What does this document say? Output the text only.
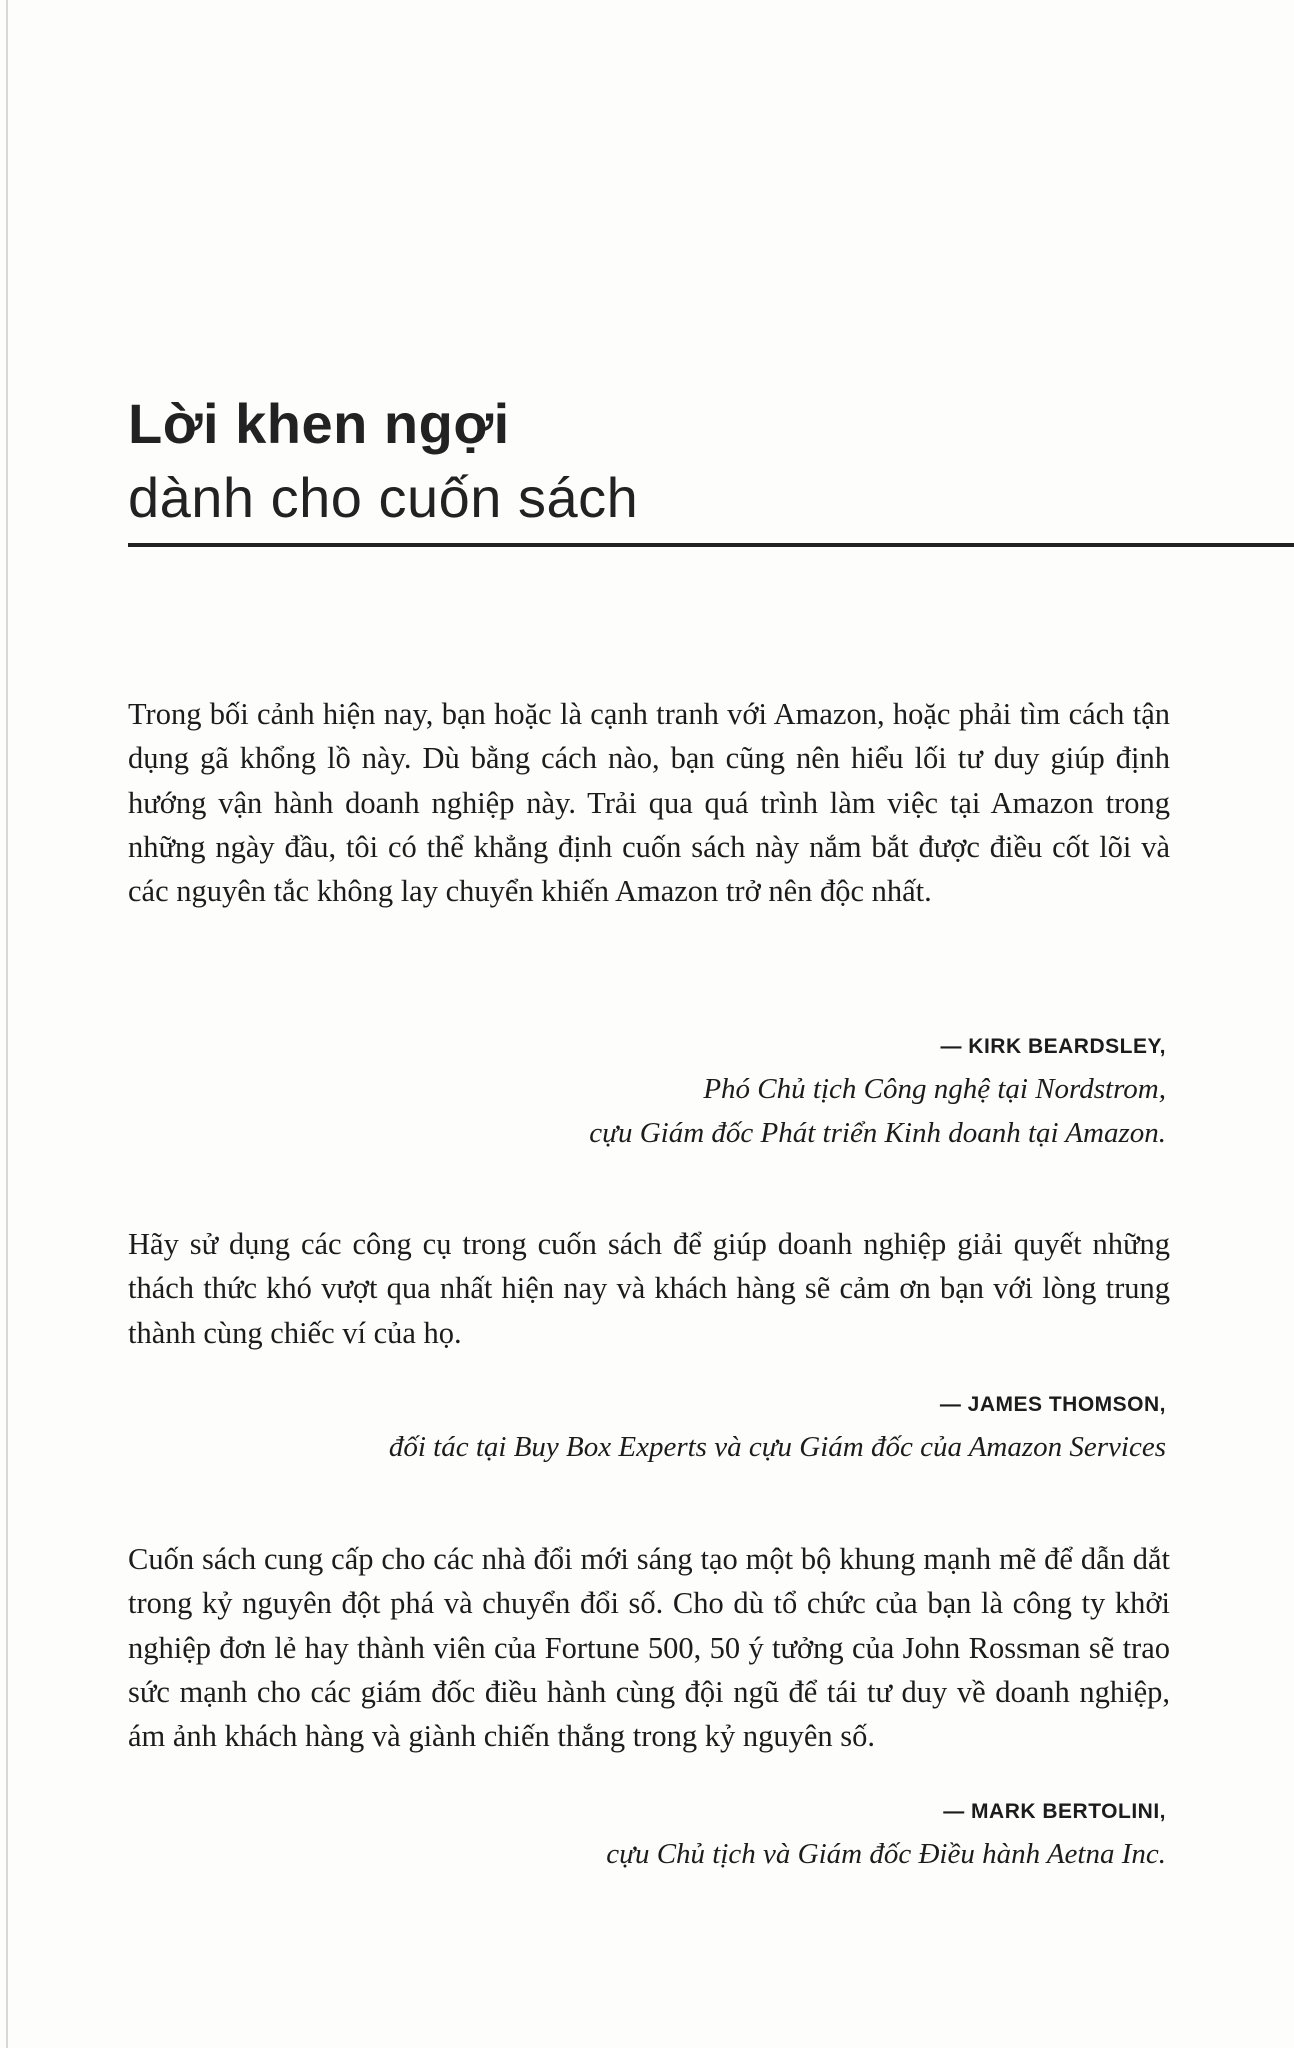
Lời khen ngợi
dành cho cuốn sách

Trong bối cảnh hiện nay, bạn hoặc là cạnh tranh với Amazon, hoặc phải tìm cách tận dụng gã khổng lồ này. Dù bằng cách nào, bạn cũng nên hiểu lối tư duy giúp định hướng vận hành doanh nghiệp này. Trải qua quá trình làm việc tại Amazon trong những ngày đầu, tôi có thể khẳng định cuốn sách này nắm bắt được điều cốt lõi và các nguyên tắc không lay chuyển khiến Amazon trở nên độc nhất.

— KIRK BEARDSLEY,
Phó Chủ tịch Công nghệ tại Nordstrom,
cựu Giám đốc Phát triển Kinh doanh tại Amazon.

Hãy sử dụng các công cụ trong cuốn sách để giúp doanh nghiệp giải quyết những thách thức khó vượt qua nhất hiện nay và khách hàng sẽ cảm ơn bạn với lòng trung thành cùng chiếc ví của họ.

— JAMES THOMSON,
đối tác tại Buy Box Experts và cựu Giám đốc của Amazon Services

Cuốn sách cung cấp cho các nhà đổi mới sáng tạo một bộ khung mạnh mẽ để dẫn dắt trong kỷ nguyên đột phá và chuyển đổi số. Cho dù tổ chức của bạn là công ty khởi nghiệp đơn lẻ hay thành viên của Fortune 500, 50 ý tưởng của John Rossman sẽ trao sức mạnh cho các giám đốc điều hành cùng đội ngũ để tái tư duy về doanh nghiệp, ám ảnh khách hàng và giành chiến thắng trong kỷ nguyên số.

— MARK BERTOLINI,
cựu Chủ tịch và Giám đốc Điều hành Aetna Inc.
